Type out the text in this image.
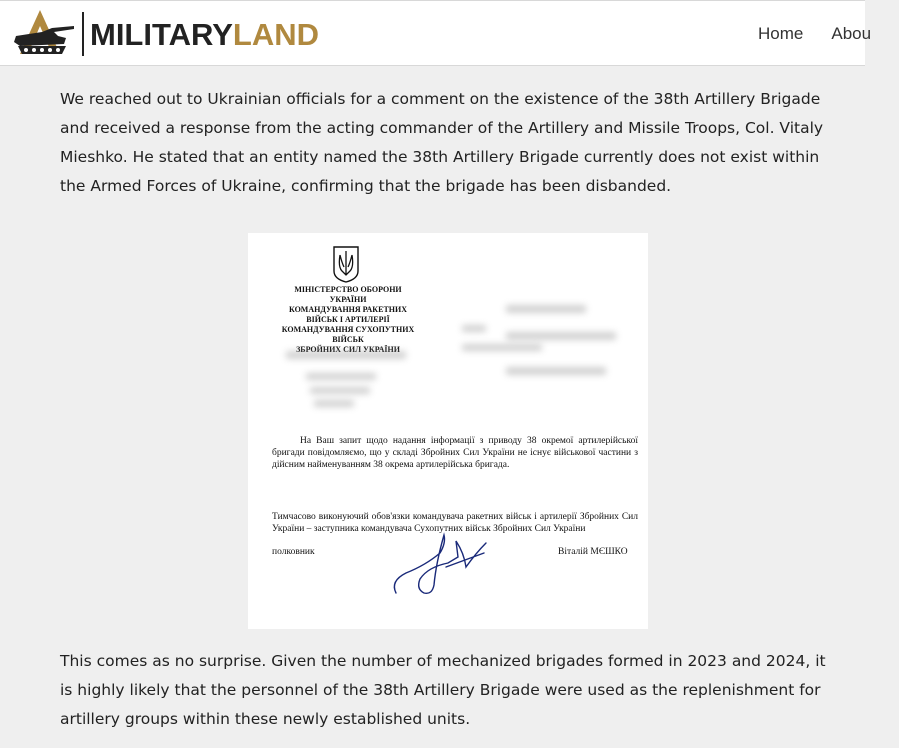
MILITARYLAND	Home Abou

We reached out to Ukrainian officials for a comment on the existence of the 38th Artillery Brigade and received a response from the acting commander of the Artillery and Missile Troops, Col. Vitaly Mieshko. He stated that an entity named the 38th Artillery Brigade currently does not exist within the Armed Forces of Ukraine, confirming that the brigade has been disbanded.

МІНІСТЕРСТВО ОБОРОНИ
УКРАЇНИ
КОМАНДУВАННЯ РАКЕТНИХ
ВІЙСЬК І АРТИЛЕРІЇ
КОМАНДУВАННЯ СУХОПУТНИХ
ВІЙСЬК
ЗБРОЙНИХ СИЛ УКРАЇНИ
На Ваш запит щодо надання інформації з приводу 38 окремої артилерійської бригади повідомляємо, що у складі Збройних Сил України не існує військової частини з дійсним найменуванням 38 окрема артилерійська бригада.
Тимчасово виконуючий обов'язки командувача ракетних військ і артилерії Збройних Сил України – заступника командувача Сухопутних військ Збройних Сил України
полковник	Віталій МЄШКО

This comes as no surprise. Given the number of mechanized brigades formed in 2023 and 2024, it is highly likely that the personnel of the 38th Artillery Brigade were used as the replenishment for artillery groups within these newly established units.
